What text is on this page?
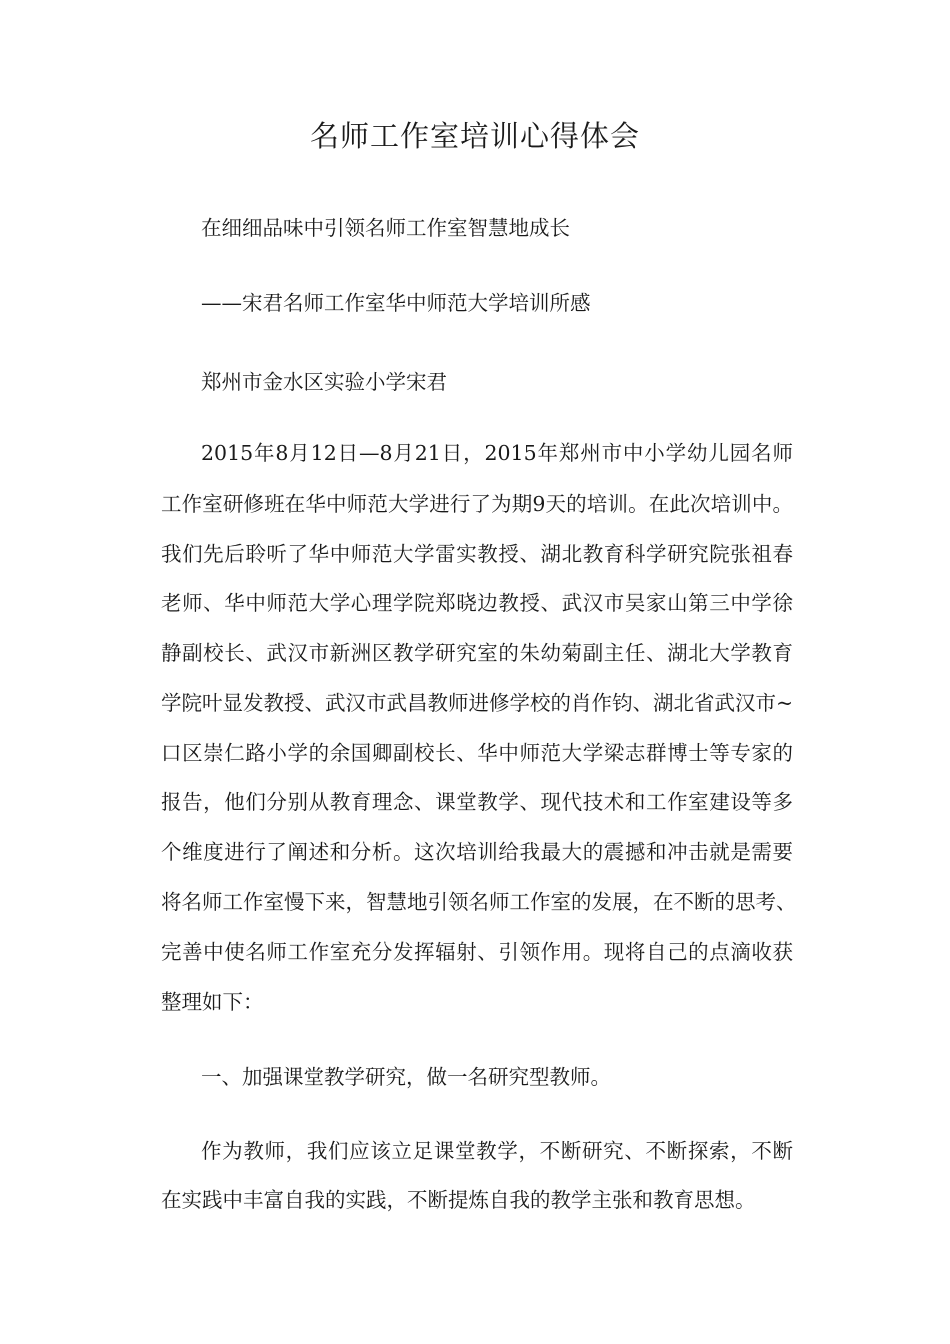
名师工作室培训心得体会
在细细品味中引领名师工作室智慧地成长
——宋君名师工作室华中师范大学培训所感
郑州市金水区实验小学宋君
2015年8月12日—8月21日，2015年郑州市中小学幼儿园名师
工作室研修班在华中师范大学进行了为期9天的培训。在此次培训中。
我们先后聆听了华中师范大学雷实教授、湖北教育科学研究院张祖春
老师、华中师范大学心理学院郑晓边教授、武汉市吴家山第三中学徐
静副校长、武汉市新洲区教学研究室的朱幼菊副主任、湖北大学教育
学院叶显发教授、武汉市武昌教师进修学校的肖作钧、湖北省武汉市~
口区崇仁路小学的余国卿副校长、华中师范大学梁志群博士等专家的
报告，他们分别从教育理念、课堂教学、现代技术和工作室建设等多
个维度进行了阐述和分析。这次培训给我最大的震撼和冲击就是需要
将名师工作室慢下来，智慧地引领名师工作室的发展，在不断的思考、
完善中使名师工作室充分发挥辐射、引领作用。现将自己的点滴收获
整理如下：
一、加强课堂教学研究，做一名研究型教师。
作为教师，我们应该立足课堂教学，不断研究、不断探索，不断
在实践中丰富自我的实践，不断提炼自我的教学主张和教育思想。
